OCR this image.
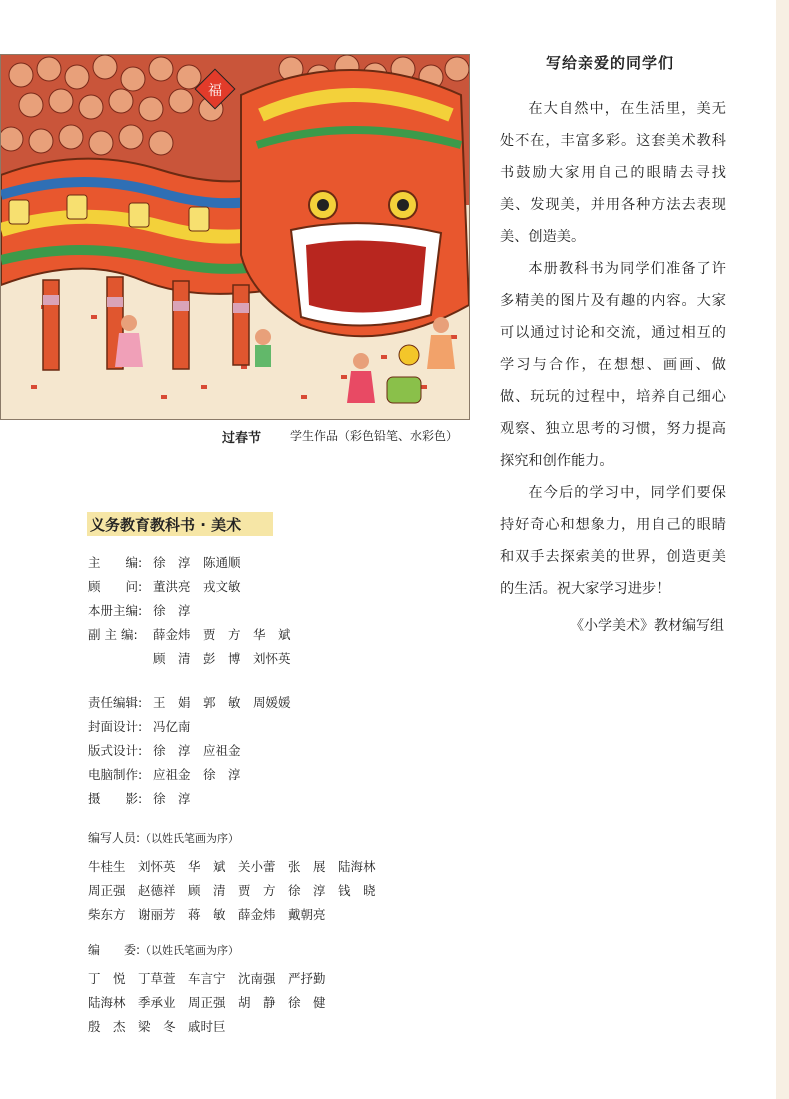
福
过春节 学生作品（彩色铅笔、水彩色）
写给亲爱的同学们

在大自然中，在生活里，美无处不在，丰富多彩。这套美术教科书鼓励大家用自己的眼睛去寻找美、发现美，并用各种方法去表现美、创造美。

本册教科书为同学们准备了许多精美的图片及有趣的内容。大家可以通过讨论和交流，通过相互的学习与合作，在想想、画画、做做、玩玩的过程中，培养自己细心观察、独立思考的习惯，努力提高探究和创作能力。

在今后的学习中，同学们要保持好奇心和想象力，用自己的眼睛和双手去探索美的世界，创造更美的生活。祝大家学习进步！

《小学美术》教材编写组
义务教育教科书 · 美术
主　　编: 徐　淳　陈通顺
顾　　问: 董洪亮　戎文敏
本册主编: 徐　淳
副 主 编: 薛金炜　贾　方　华　斌
顾　清　彭　博　刘怀英
责任编辑: 王　娟　郭　敏　周媛媛
封面设计: 冯亿南
版式设计: 徐　淳　应祖金
电脑制作: 应祖金　徐　淳
摄　　影: 徐　淳
编写人员:（以姓氏笔画为序）
牛桂生　刘怀英　华　斌　关小蕾　张　展　陆海林
周正强　赵德祥　顾　清　贾　方　徐　淳　钱　晓
柴东方　谢丽芳　蒋　敏　薛金炜　戴朝亮
编　　委:（以姓氏笔画为序）
丁　悦　丁草萱　车言宁　沈南强　严抒勤
陆海林　季承业　周正强　胡　静　徐　健
殷　杰　梁　冬　戚时巨
